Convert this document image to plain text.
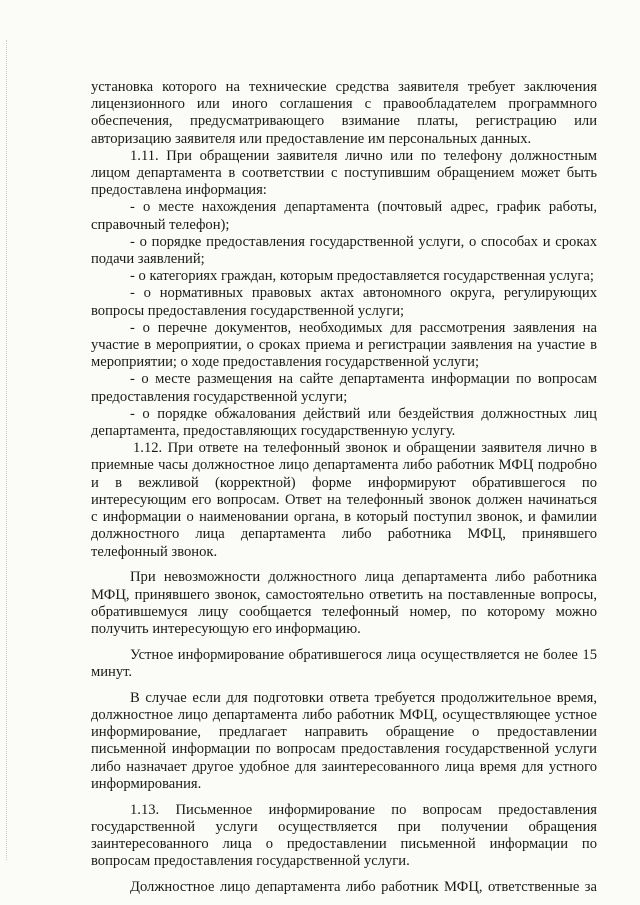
установка которого на технические средства заявителя требует заключения

лицензионного или иного соглашения с правообладателем программного

обеспечения, предусматривающего взимание платы, регистрацию или

авторизацию заявителя или предоставление им персональных данных.

1.11. При обращении заявителя лично или по телефону должностным

лицом департамента в соответствии с поступившим обращением может быть

предоставлена информация:

- о месте нахождения департамента (почтовый адрес, график работы,

справочный телефон);

- о порядке предоставления государственной услуги, о способах и сроках

подачи заявлений;

- о категориях граждан, которым предоставляется государственная услуга;

- о нормативных правовых актах автономного округа, регулирующих

вопросы предоставления государственной услуги;

- о перечне документов, необходимых для рассмотрения заявления на

участие в мероприятии, о сроках приема и регистрации заявления на участие в

мероприятии; о ходе предоставления государственной услуги;

- о месте размещения на сайте департамента информации по вопросам

предоставления государственной услуги;

- о порядке обжалования действий или бездействия должностных лиц

департамента, предоставляющих государственную услугу.

1.12. При ответе на телефонный звонок и обращении заявителя лично в

приемные часы должностное лицо департамента либо работник МФЦ подробно

и в вежливой (корректной) форме информируют обратившегося по

интересующим его вопросам. Ответ на телефонный звонок должен начинаться

с информации о наименовании органа, в который поступил звонок, и фамилии

должностного лица департамента либо работника МФЦ, принявшего

телефонный звонок.

При невозможности должностного лица департамента либо работника

МФЦ, принявшего звонок, самостоятельно ответить на поставленные вопросы,

обратившемуся лицу сообщается телефонный номер, по которому можно

получить интересующую его информацию.

Устное информирование обратившегося лица осуществляется не более 15

минут.

В случае если для подготовки ответа требуется продолжительное время,

должностное лицо департамента либо работник МФЦ, осуществляющее устное

информирование, предлагает направить обращение о предоставлении

письменной информации по вопросам предоставления государственной услуги

либо назначает другое удобное для заинтересованного лица время для устного

информирования.

1.13. Письменное информирование по вопросам предоставления

государственной услуги осуществляется при получении обращения

заинтересованного лица о предоставлении письменной информации по

вопросам предоставления государственной услуги.

Должностное лицо департамента либо работник МФЦ, ответственные за
